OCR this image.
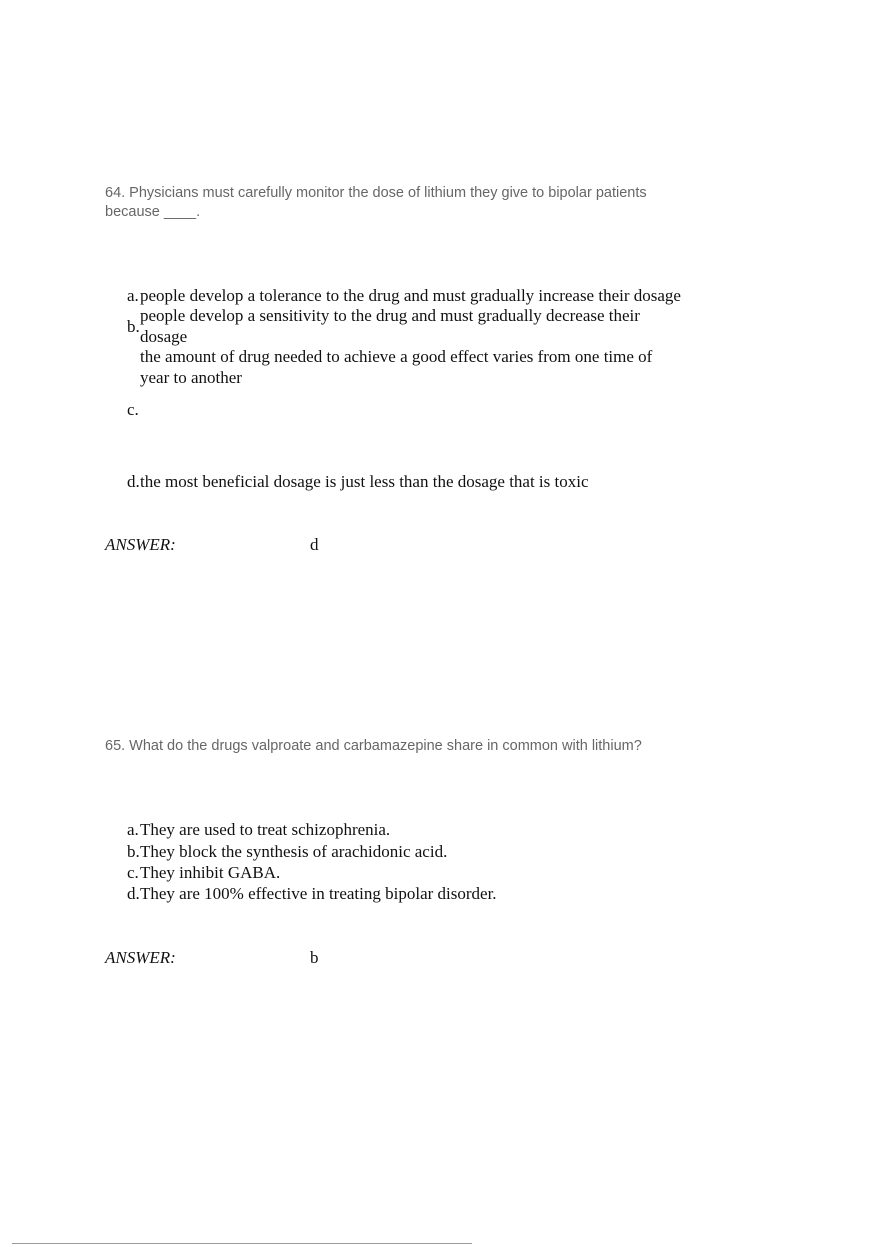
64. Physicians must carefully monitor the dose of lithium they give to bipolar patients because ____.
a. people develop a tolerance to the drug and must gradually increase their dosage
b.
people develop a sensitivity to the drug and must gradually decrease their
dosage
the amount of drug needed to achieve a good effect varies from one time of
year to another
c.
d. the most beneficial dosage is just less than the dosage that is toxic
ANSWER:	d
65. What do the drugs valproate and carbamazepine share in common with lithium?
a. They are used to treat schizophrenia.
b. They block the synthesis of arachidonic acid.
c. They inhibit GABA.
d. They are 100% effective in treating bipolar disorder.
ANSWER:	b
